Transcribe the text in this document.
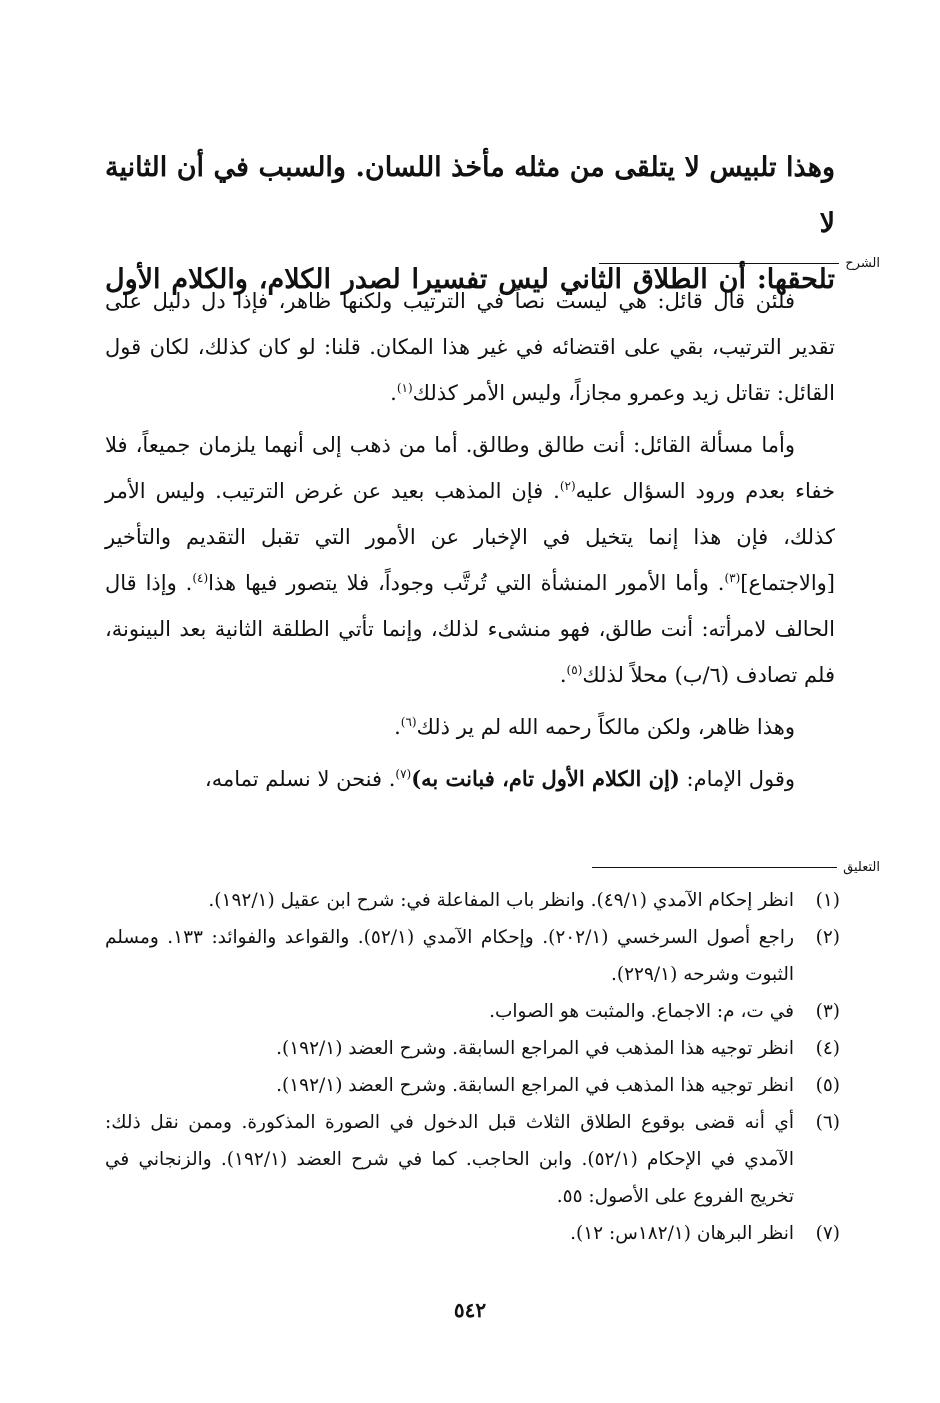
وهذا تلبيس لا يتلقى من مثله مأخذ اللسان. والسبب في أن الثانية لا

تلحقها: أن الطلاق الثاني ليس تفسيرا لصدر الكلام، والكلام الأول

الشرح

فلئن قال قائل: هي ليست نصاً في الترتيب ولكنها ظاهر، فإذا دل دليل على تقدير الترتيب، بقي على اقتضائه في غير هذا المكان. قلنا: لو كان كذلك، لكان قول القائل: تقاتل زيد وعمرو مجازاً، وليس الأمر كذلك$^{(١)}$.

وأما مسألة القائل: أنت طالق وطالق. أما من ذهب إلى أنهما يلزمان جميعاً، فلا خفاء بعدم ورود السؤال عليه$^{(٢)}$. فإن المذهب بعيد عن غرض الترتيب. وليس الأمر كذلك، فإن هذا إنما يتخيل في الإخبار عن الأمور التي تقبل التقديم والتأخير [والاجتماع]$^{(٣)}$. وأما الأمور المنشأة التي تُرتَّب وجوداً، فلا يتصور فيها هذا$^{(٤)}$. وإذا قال الحالف لامرأته: أنت طالق، فهو منشىء لذلك، وإنما تأتي الطلقة الثانية بعد البينونة، فلم تصادف (٦/ب) محلاً لذلك$^{(٥)}$.

وهذا ظاهر، ولكن مالكاً رحمه الله لم ير ذلك$^{(٦)}$.

وقول الإمام: (إن الكلام الأول تام، فبانت به)$^{(٧)}$. فنحن لا نسلم تمامه،

التعليق
(١)
انظر إحكام الآمدي (٤٩/١). وانظر باب المفاعلة في: شرح ابن عقيل (١٩٢/١).
(٢)
راجع أصول السرخسي (٢٠٢/١). وإحكام الآمدي (٥٢/١). والقواعد والفوائد: ١٣٣. ومسلم الثبوت وشرحه (٢٢٩/١).
(٣)
في ت، م: الاجماع. والمثبت هو الصواب.
(٤)
انظر توجيه هذا المذهب في المراجع السابقة. وشرح العضد (١٩٢/١).
(٥)
انظر توجيه هذا المذهب في المراجع السابقة. وشرح العضد (١٩٢/١).
(٦)
أي أنه قضى بوقوع الطلاق الثلاث قبل الدخول في الصورة المذكورة. وممن نقل ذلك: الآمدي في الإحكام (٥٢/١). وابن الحاجب. كما في شرح العضد (١٩٢/١). والزنجاني في تخريج الفروع على الأصول: ٥٥.
(٧)
انظر البرهان (١٨٢/١س: ١٢).
٥٤٢
